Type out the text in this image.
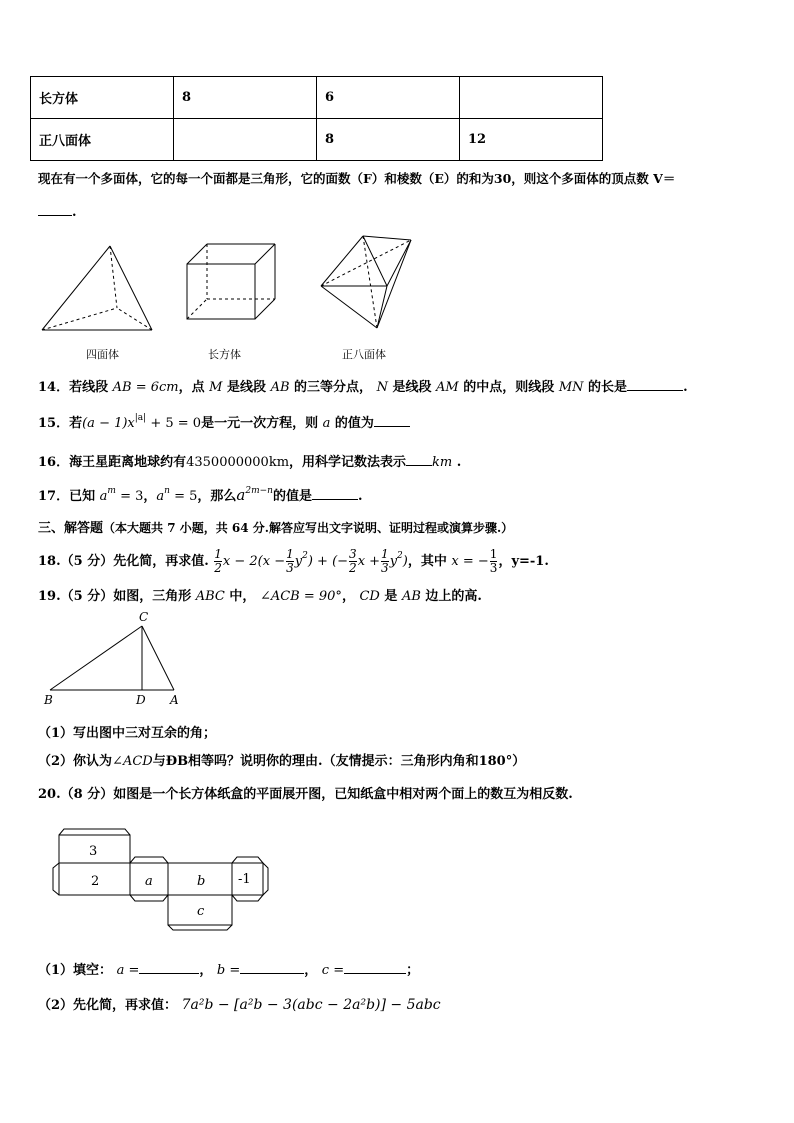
长方体	8	6	
正八面体		8	12
现在有一个多面体，它的每一个面都是三角形，它的面数（F）和棱数（E）的和为30，则这个多面体的顶点数 V＝
.
四面体	长方体	正八面体
14．若线段 AB = 6cm，点 M 是线段 AB 的三等分点， N 是线段 AM 的中点，则线段 MN 的长是	.
15．若$(a - 1)x^{|a|} + 5 = 0$是一元一次方程，则 a 的值为
16．海王星距离地球约有4350000000km，用科学记数法表示 km .
17．已知 $a^m = 3$，$a^n = 5$，那么$a^{2m-n}$的值是	.
三、解答题（本大题共 7 小题，共 64 分.解答应写出文字说明、证明过程或演算步骤.）
18.（5 分）先化简，再求值. $\frac{1}{2}$ $x - 2(x - \frac{1}{3} y^2)$ + (− $\frac{3}{2}$ $x + \frac{1}{3} y^2$)，其中 x = − $\frac{1}{3}$ ，y=-1.
19.（5 分）如图，三角形 ABC 中， ∠ACB = 90°， CD 是 AB 边上的高.
C
B	D A
（1）写出图中三对互余的角；
（2）你认为∠ACD与ÐB相等吗？说明你的理由.（友情提示：三角形内角和180°）
20.（8 分）如图是一个长方体纸盒的平面展开图，已知纸盒中相对两个面上的数互为相反数.
3
2	a	b	-1
c
（1）填空： a =	， b =	， c =	；
（2）先化简，再求值： 7a²b − [a²b − 3(abc − 2a²b)] − 5abc
